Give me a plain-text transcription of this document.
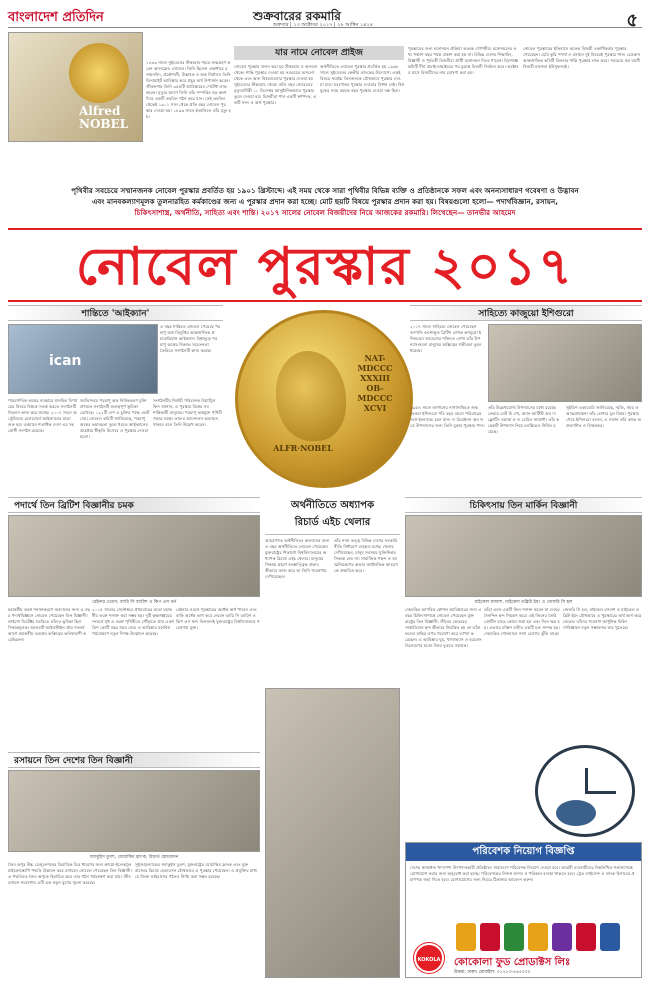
বাংলাদেশ প্রতিদিন	শুক্রবারের রকমারি
শুক্রবার | ১৩ অক্টোবর ২০১৭ | ২৮ আশ্বিন ১৪২৪	৫
Alfred NOBEL
১৮৩৩ সালে সুইডেনের স্টকহোম শহরে জন্মগ্রহণ করেন আলফ্রেড নোবেল। তিনি ছিলেন একাধারে রসায়নবিদ, প্রকৌশলী, উদ্ভাবক ও অস্ত্র নির্মাতা। তিনি ডিনামাইট আবিষ্কার করে প্রচুর অর্থ উপার্জন করেন। জীবদ্দশায় তিনি ৩৫৫টি আবিষ্কারের পেটেন্ট লাভ করেন। মৃত্যুর আগে তিনি তাঁর সম্পত্তির বড় অংশ দিয়ে একটি তহবিল গঠন করে যান। সেই তহবিল থেকেই ১৯০১ সাল থেকে প্রতি বছর নোবেল পুরস্কার দেওয়া হয়। ১৮৯৬ সালে ইতালিতে তাঁর মৃত্যু হয়।
যার নামে নোবেল প্রাইজ
নোবেল পুরস্কার প্রদান করা হয় স্টকহোম ও অসলো থেকে। শান্তি পুরস্কার দেওয়া হয় নরওয়ের অসলো থেকে এবং অন্য বিষয়গুলোর পুরস্কার দেওয়া হয় সুইডেনের স্টকহোম থেকে। প্রতি বছর নোবেলের মৃত্যুবার্ষিকী ১০ ডিসেম্বর আনুষ্ঠানিকভাবে পুরস্কার তুলে দেওয়া হয়। বিজয়ীরা পান একটি স্বর্ণপদক, একটি সনদ ও অর্থ পুরস্কার।
অর্থনীতিতে নোবেল পুরস্কার প্রবর্তিত হয় ১৯৬৮ সালে সুইডেনের কেন্দ্রীয় ব্যাংকের উদ্যোগে। একই বিষয়ে সর্বোচ্চ তিনজনকে যৌথভাবে পুরস্কার দেওয়া যায়। মরণোত্তর পুরস্কার দেওয়ার বিধান নেই। বিশ্বযুদ্ধের সময় কয়েক বছর পুরস্কার দেওয়া বন্ধ ছিল।
পুরস্কারের জন্য মনোনয়ন প্রক্রিয়া অত্যন্ত গোপনীয়। মনোনয়নের তথ্য পঞ্চাশ বছর পর্যন্ত প্রকাশ করা হয় না। বিভিন্ন দেশের শিক্ষাবিদ, বিজ্ঞানী ও পূর্ববর্তী বিজয়ীরা প্রার্থী মনোনয়ন দিতে পারেন। বিশেষজ্ঞ কমিটি দীর্ঘ যাচাই-বাছাইয়ের পর চূড়ান্ত বিজয়ী নির্বাচন করে। অক্টোবর মাসে বিজয়ীদের নাম ঘোষণা করা হয়।
নোবেল পুরস্কারের ইতিহাসে অনেক বিজয়ী একাধিকবার পুরস্কার পেয়েছেন। মেরি কুরি পদার্থ ও রসায়ন দুই বিষয়েই পুরস্কার পান। রেডক্রস আন্তর্জাতিক কমিটি তিনবার শান্তি পুরস্কার লাভ করে। সবচেয়ে কম বয়সী বিজয়ী মালালা ইউসুফজাই।
পৃথিবীর সবচেয়ে সম্মানজনক নোবেল পুরস্কার প্রবর্তিত হয় ১৯০১ খ্রিস্টাব্দে। এই সময় থেকে সারা পৃথিবীর বিভিন্ন ব্যক্তি ও প্রতিষ্ঠানকে সফল এবং অনন্যসাধারণ গবেষণা ও উদ্ভাবন
এবং মানবকল্যাণমূলক তুলনারহিত কর্মকাণ্ডের জন্য এ পুরস্কার প্রদান করা হচ্ছে। মোট ছয়টি বিষয়ে পুরস্কার প্রদান করা হয়। বিষয়গুলো হলো— পদার্থবিজ্ঞান, রসায়ন,
চিকিৎসাশাস্ত্র, অর্থনীতি, সাহিত্য এবং শান্তি। ২০১৭ সালের নোবেল বিজয়ীদের নিয়ে আজকের রকমারি। লিখেছেন— তানভীর আহমেদ
নোবেল পুরস্কার ২০১৭
শান্তিতে 'আইক্যান'
ican
এ বছর শান্তিতে নোবেল পেয়েছে পরমাণু অস্ত্র বিলুপ্তির আন্তর্জাতিক প্রচারাভিযান আইক্যান। বিশ্বজুড়ে পরমাণু অস্ত্রের বিরুদ্ধে সচেতনতা তৈরিতে সংগঠনটি কাজ করছে।
পারমাণবিক অস্ত্রের ব্যবহারে মানবিক বিপর্যয়ের বিষয়ে বিশ্বকে সতর্ক করতে সংগঠনটি নিরলস কাজ করে যাচ্ছে। ২০০৭ সালে অস্ট্রেলিয়ার মেলবোর্নে আইক্যানের যাত্রা শুরু হয়। বর্তমানে শতাধিক দেশে এর সহযোগী সংগঠন রয়েছে।
জাতিসংঘে পরমাণু অস্ত্র নিষিদ্ধকরণ চুক্তি প্রণয়নে সংগঠনটি গুরুত্বপূর্ণ ভূমিকা রেখেছে। ১২২টি দেশ এ চুক্তির পক্ষে ভোট দেয়। নোবেল কমিটি জানিয়েছে, পরমাণু অস্ত্রের ভয়াবহতা তুলে ধরতে আইক্যানের প্রচেষ্টার স্বীকৃতি হিসেবে এ পুরস্কার দেওয়া হলো।
সংগঠনটির নির্বাহী পরিচালক বিয়াট্রিস ফিন জানান, এ পুরস্কার বিশ্বের সব শান্তিকামী মানুষের। পরমাণু অস্ত্রমুক্ত পৃথিবী গড়ার লক্ষ্যে তাদের আন্দোলন অব্যাহত থাকবে বলে তিনি উল্লেখ করেন।
NAT-
MDCCC
XXXIII
OB-
MDCCC
XCVI
ALFR·NOBEL
সাহিত্যে কাজুয়ো ইশিগুরো
২০১৭ সালে সাহিত্যে নোবেল পেয়েছেন জাপানি বংশোদ্ভূত ব্রিটিশ লেখক কাজুয়ো ইশিগুরো। আবেগের শক্তিতে লেখা তাঁর উপন্যাসগুলো মানুষের অস্তিত্বের গভীরতা তুলে ধরেছে।
১৯৫৪ সালে জাপানের নাগাসাকিতে জন্ম নেওয়া ইশিগুরো পাঁচ বছর বয়সে পরিবারের সঙ্গে ইংল্যান্ডে চলে যান। দ্য রিমেইনস অব দ্য ডে উপন্যাসের জন্য তিনি বুকার পুরস্কার পান।
তাঁর উল্লেখযোগ্য উপন্যাসের মধ্যে রয়েছে নেভার লেট মি গো, অ্যান আর্টিস্ট অব দ্য ফ্লোটিং ওয়ার্ল্ড ও দ্য বেরিড জায়ান্ট। তাঁর কয়েকটি উপন্যাস নিয়ে চলচ্চিত্রও নির্মিত হয়েছে।
সুইডিশ একাডেমি জানিয়েছে, স্মৃতি, সময় ও আত্মপ্রবঞ্চনা তাঁর লেখার মূল বিষয়। পুরস্কার পেয়ে ইশিগুরো বলেন, এ সম্মান তাঁর কাছে অপ্রত্যাশিত ও বিস্ময়কর।
পদার্থে তিন ব্রিটিশ বিজ্ঞানীর চমক
রেইনার ওয়েস, ব্যারি সি ব্যারিশ ও কিপ এস থর্ন
মহাকর্ষীয় তরঙ্গ শনাক্তকরণে অবদানের জন্য এ বছর পদার্থবিজ্ঞানে নোবেল পেয়েছেন তিন বিজ্ঞানী। লাইগো ডিটেক্টর তৈরিতে তাঁদের ভূমিকা ছিল সিদ্ধান্তমূলক। আলবার্ট আইনস্টাইন প্রায় শতবর্ষ আগে মহাকর্ষীয় তরঙ্গের অস্তিত্বের ভবিষ্যদ্বাণী করেছিলেন।
২০১৫ সালের সেপ্টেম্বরে প্রথমবারের মতো মহাকর্ষীয় তরঙ্গ শনাক্ত করা সম্ভব হয়। দুটি কৃষ্ণগহ্বরের সংঘর্ষে সৃষ্ট এ তরঙ্গ পৃথিবীতে পৌঁছাতে প্রায় একশ ত্রিশ কোটি বছর সময় নেয়। এ আবিষ্কার মহাবিশ্ব পর্যবেক্ষণে নতুন দিগন্ত উন্মোচন করেছে।
রেইনার ওয়েস পুরস্কারের অর্ধেক অর্থ পাবেন এবং বাকি অর্ধেক ভাগ করে নেবেন ব্যারি সি ব্যারিশ ও কিপ এস থর্ন। তিনজনই যুক্তরাষ্ট্রের বিশ্ববিদ্যালয়ে গবেষণায় যুক্ত।
রসায়নে তিন দেশের তিন বিজ্ঞানী
জ্যাকুইস ডুবশ, যোয়াকিম ফ্রাংক, রিচার্ড হেন্ডারসন
জৈব অণুর উচ্চ রেজুলেশনের ত্রিমাত্রিক চিত্র ধারণের জন্য ক্রায়ো-ইলেকট্রন মাইক্রোস্কোপি পদ্ধতি উদ্ভাবন করে রসায়নে নোবেল পেয়েছেন তিন বিজ্ঞানী। এ পদ্ধতিতে জৈব অণুকে হিমায়িত করে তার গঠন পর্যবেক্ষণ করা যায়। জীবরসায়ন গবেষণায় এটি এক নতুন যুগের সূচনা করেছে।
সুইজারল্যান্ডের জ্যাকুইস ডুবশ, যুক্তরাষ্ট্রের যোয়াকিম ফ্রাংক এবং যুক্তরাজ্যের রিচার্ড হেন্ডারসন যৌথভাবে এ পুরস্কার পেয়েছেন। এ প্রযুক্তির মাধ্যমে জিকা ভাইরাসের গঠনও নির্ণয় করা সম্ভব হয়েছে।
অর্থনীতিতে অধ্যাপক
রিচার্ড এইচ থেলার
আচরণগত অর্থনীতিতে অবদানের জন্য এ বছর অর্থনীতিতে নোবেল পেয়েছেন যুক্তরাষ্ট্রের শিকাগো বিশ্ববিদ্যালয়ের অধ্যাপক রিচার্ড এইচ থেলার। মানুষের সিদ্ধান্ত গ্রহণে মনস্তাত্ত্বিক প্রভাব কীভাবে কাজ করে তা তিনি গবেষণায় দেখিয়েছেন।
তাঁর নাজ তত্ত্ব বিভিন্ন দেশের সরকারি নীতি নির্ধারণে ব্যবহৃত হচ্ছে। থেলার দেখিয়েছেন, মানুষ সবসময় যুক্তিনির্ভর সিদ্ধান্ত নেয় না। সামাজিক পছন্দ ও আত্মনিয়ন্ত্রণের অভাব অর্থনৈতিক আচরণকে প্রভাবিত করে।
চিকিৎসায় তিন মার্কিন বিজ্ঞানী
মাইকেল রসবাশ, মাইকেল ডব্লিউ ইয়ং ও জেফরি সি হল
দেহঘড়ির আণবিক কৌশল আবিষ্কারের জন্য এ বছর চিকিৎসাশাস্ত্রে নোবেল পেয়েছেন যুক্তরাষ্ট্রের তিন বিজ্ঞানী। জীবের ভেতরের সার্কাডিয়ান ছন্দ কীভাবে নিয়ন্ত্রিত হয় তা তাঁরা ফলের মাছির ওপর গবেষণা করে ব্যাখ্যা করেছেন। এ আবিষ্কার ঘুম, খাদ্যাভ্যাস ও হরমোন নিঃসরণের মতো বিষয় বুঝতে সহায়ক।
তাঁরা এমন একটি জিন শনাক্ত করেন যা দেহের দৈনন্দিন ছন্দ নিয়ন্ত্রণ করে। এই জিনের তৈরি প্রোটিন রাতে কোষে জমা হয় এবং দিনে ক্ষয় হয়। এভাবে চব্বিশ ঘণ্টার একটি চক্র সম্পন্ন হয়। দেহঘড়ির গোলমালে নানা রোগের ঝুঁকি বাড়ে।
জেফরি সি হল, মাইকেল রসবাশ ও মাইকেল ডব্লিউ ইয়ং যৌথভাবে এ পুরস্কারের অর্থ ভাগ করে নেবেন। তাঁদের গবেষণা আধুনিক চিকিৎসাবিজ্ঞানে নতুন সম্ভাবনার দ্বার খুলেছে।
পরিবেশক নিয়োগ বিজ্ঞপ্তি
দেশের স্বনামধন্য খাদ্যপণ্য উৎপাদনকারী প্রতিষ্ঠানে সারাদেশে পরিবেশক নিয়োগ দেওয়া হবে। আগ্রহী ব্যবসায়ীদের নিম্নলিখিত শর্তসাপেক্ষে যোগাযোগ করার জন্য অনুরোধ করা হচ্ছে। পরিবেশকের নিজস্ব গুদাম ও পরিবহন ব্যবস্থা থাকতে হবে। ট্রেড লাইসেন্স ও ব্যাংক হিসাবের প্রমাণপত্র জমা দিতে হবে। যোগাযোগের জন্য নিচের ঠিকানায় আবেদন করুন।
KOKOLA	কোকোলা ফুড প্রোডাক্টস লিঃ
উত্তরা, ঢাকা। মোবাইল: ০১৭১৩-৪৪৫০০০
